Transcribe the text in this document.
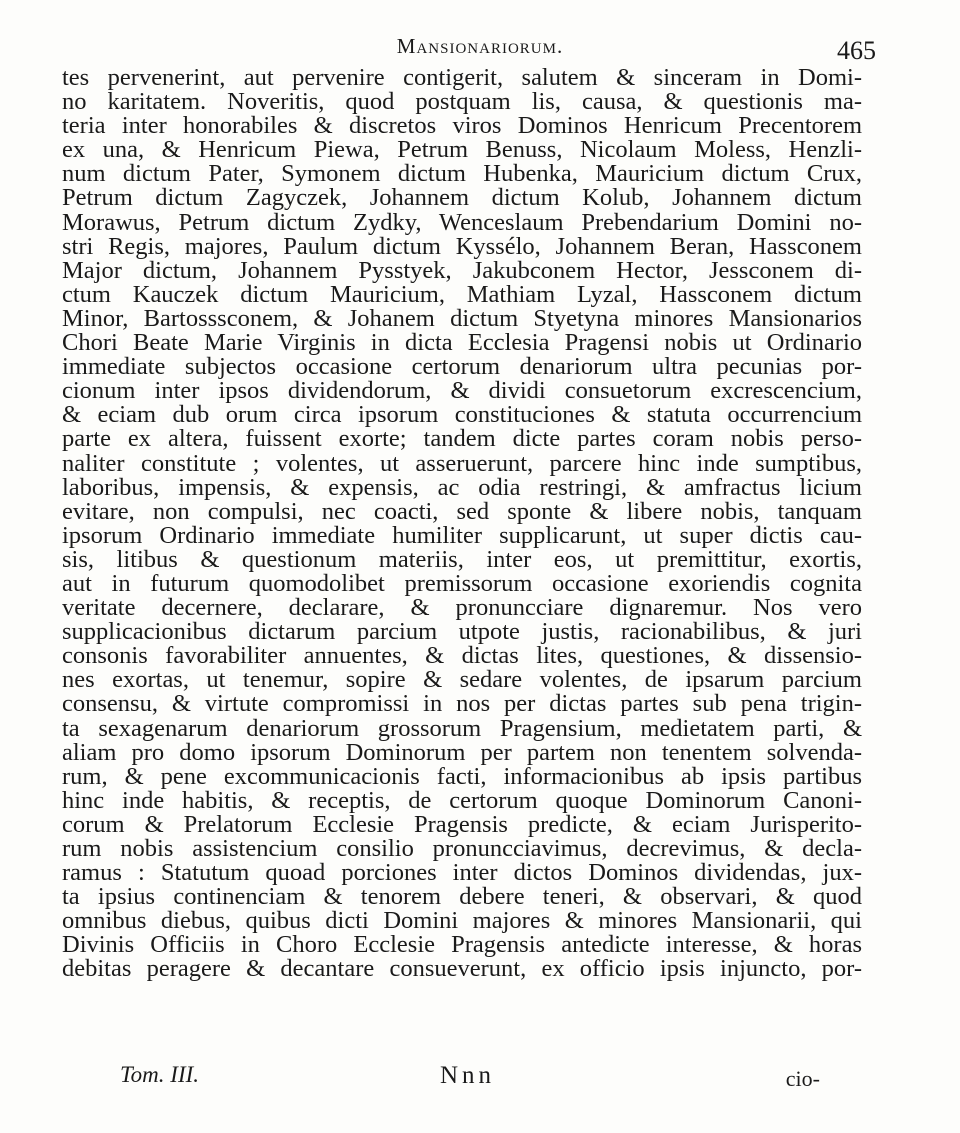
Mansionariorum.	465
tes pervenerint, aut pervenire contigerit, salutem & sinceram in Domi-
no karitatem. Noveritis, quod postquam lis, causa, & questionis ma-
teria inter honorabiles & discretos viros Dominos Henricum Precentorem
ex una, & Henricum Piewa, Petrum Benuss, Nicolaum Moless, Henzli-
num dictum Pater, Symonem dictum Hubenka, Mauricium dictum Crux,
Petrum dictum Zagyczek, Johannem dictum Kolub, Johannem dictum
Morawus, Petrum dictum Zydky, Wenceslaum Prebendarium Domini no-
stri Regis, majores, Paulum dictum Kyssélo, Johannem Beran, Hassconem
Major dictum, Johannem Pysstyek, Jakubconem Hector, Jessconem di-
ctum Kauczek dictum Mauricium, Mathiam Lyzal, Hassconem dictum
Minor, Bartosssconem, & Johanem dictum Styetyna minores Mansionarios
Chori Beate Marie Virginis in dicta Ecclesia Pragensi nobis ut Ordinario
immediate subjectos occasione certorum denariorum ultra pecunias por-
cionum inter ipsos dividendorum, & dividi consuetorum excrescencium,
& eciam dub orum circa ipsorum constituciones & statuta occurrencium
parte ex altera, fuissent exorte; tandem dicte partes coram nobis perso-
naliter constitute ; volentes, ut asseruerunt, parcere hinc inde sumptibus,
laboribus, impensis, & expensis, ac odia restringi, & amfractus licium
evitare, non compulsi, nec coacti, sed sponte & libere nobis, tanquam
ipsorum Ordinario immediate humiliter supplicarunt, ut super dictis cau-
sis, litibus & questionum materiis, inter eos, ut premittitur, exortis,
aut in futurum quomodolibet premissorum occasione exoriendis cognita
veritate decernere, declarare, & pronuncciare dignaremur. Nos vero
supplicacionibus dictarum parcium utpote justis, racionabilibus, & juri
consonis favorabiliter annuentes, & dictas lites, questiones, & dissensio-
nes exortas, ut tenemur, sopire & sedare volentes, de ipsarum parcium
consensu, & virtute compromissi in nos per dictas partes sub pena trigin-
ta sexagenarum denariorum grossorum Pragensium, medietatem parti, &
aliam pro domo ipsorum Dominorum per partem non tenentem solvenda-
rum, & pene excommunicacionis facti, informacionibus ab ipsis partibus
hinc inde habitis, & receptis, de certorum quoque Dominorum Canoni-
corum & Prelatorum Ecclesie Pragensis predicte, & eciam Jurisperito-
rum nobis assistencium consilio pronuncciavimus, decrevimus, & decla-
ramus : Statutum quoad porciones inter dictos Dominos dividendas, jux-
ta ipsius continenciam & tenorem debere teneri, & observari, & quod
omnibus diebus, quibus dicti Domini majores & minores Mansionarii, qui
Divinis Officiis in Choro Ecclesie Pragensis antedicte interesse, & horas
debitas peragere & decantare consueverunt, ex officio ipsis injuncto, por-
Tom. III.	Nnn	cio-
